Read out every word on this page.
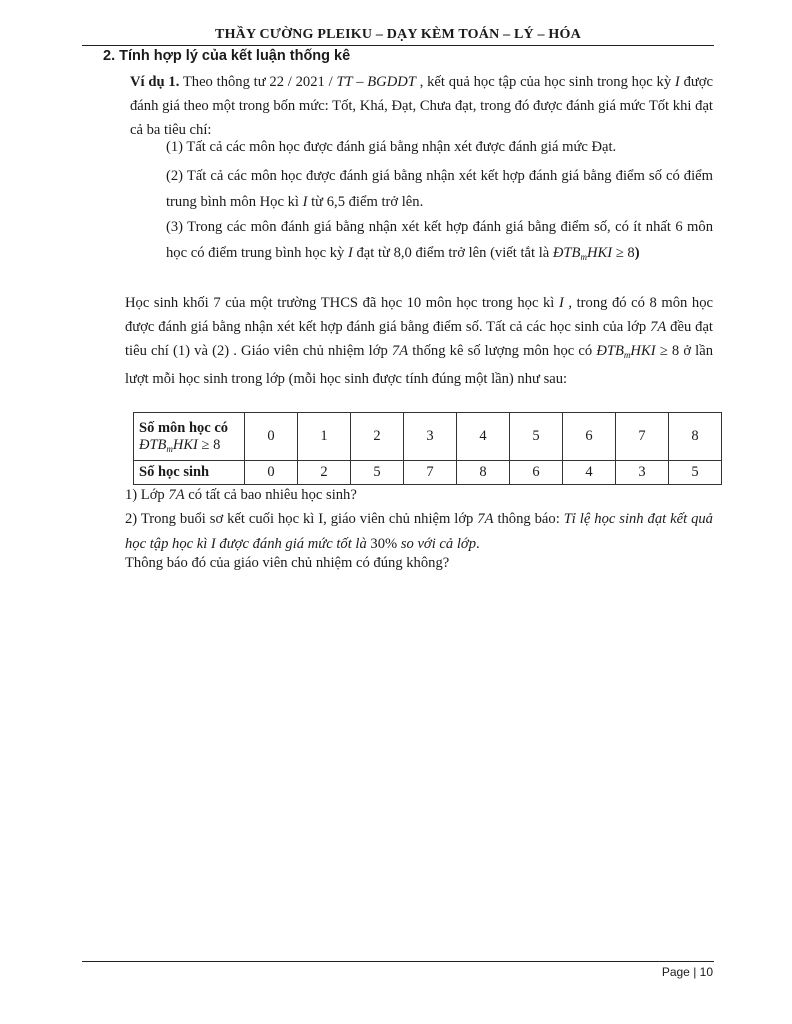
THẦY CƯỜNG PLEIKU – DẠY KÈM TOÁN – LÝ – HÓA
2. Tính hợp lý của kết luận thống kê
Ví dụ 1. Theo thông tư 22 / 2021 / TT – BGDDT , kết quả học tập của học sinh trong học kỳ I được đánh giá theo một trong bốn mức: Tốt, Khá, Đạt, Chưa đạt, trong đó được đánh giá mức Tốt khi đạt cả ba tiêu chí:
(1) Tất cả các môn học được đánh giá bằng nhận xét được đánh giá mức Đạt.
(2) Tất cả các môn học được đánh giá bằng nhận xét kết hợp đánh giá bằng điểm số có điểm trung bình môn Học kì I từ 6,5 điểm trở lên.
(3) Trong các môn đánh giá bằng nhận xét kết hợp đánh giá bằng điểm số, có ít nhất 6 môn học có điểm trung bình học kỳ I đạt từ 8,0 điểm trở lên (viết tắt là $ĐTB_mHKI \ge 8$)
Học sinh khối 7 của một trường THCS đã học 10 môn học trong học kì I , trong đó có 8 môn học được đánh giá bằng nhận xét kết hợp đánh giá bằng điểm số. Tất cả các học sinh của lớp 7A đều đạt tiêu chí (1) và (2) . Giáo viên chủ nhiệm lớp 7A thống kê số lượng môn học có $ĐTB_mHKI \ge 8$ ở lần lượt mỗi học sinh trong lớp (mỗi học sinh được tính đúng một lần) như sau:
Số môn học có
$ĐTB_mHKI \ge 8$	0	1	2	3	4	5	6	7	8
Số học sinh	0	2	5	7	8	6	4	3	5
1) Lớp 7A có tất cả bao nhiêu học sinh?
2) Trong buổi sơ kết cuối học kì I, giáo viên chủ nhiệm lớp 7A thông báo: Tỉ lệ học sinh đạt kết quả học tập học kì I được đánh giá mức tốt là 30% so với cả lớp.
Thông báo đó của giáo viên chủ nhiệm có đúng không?
Page | 10
